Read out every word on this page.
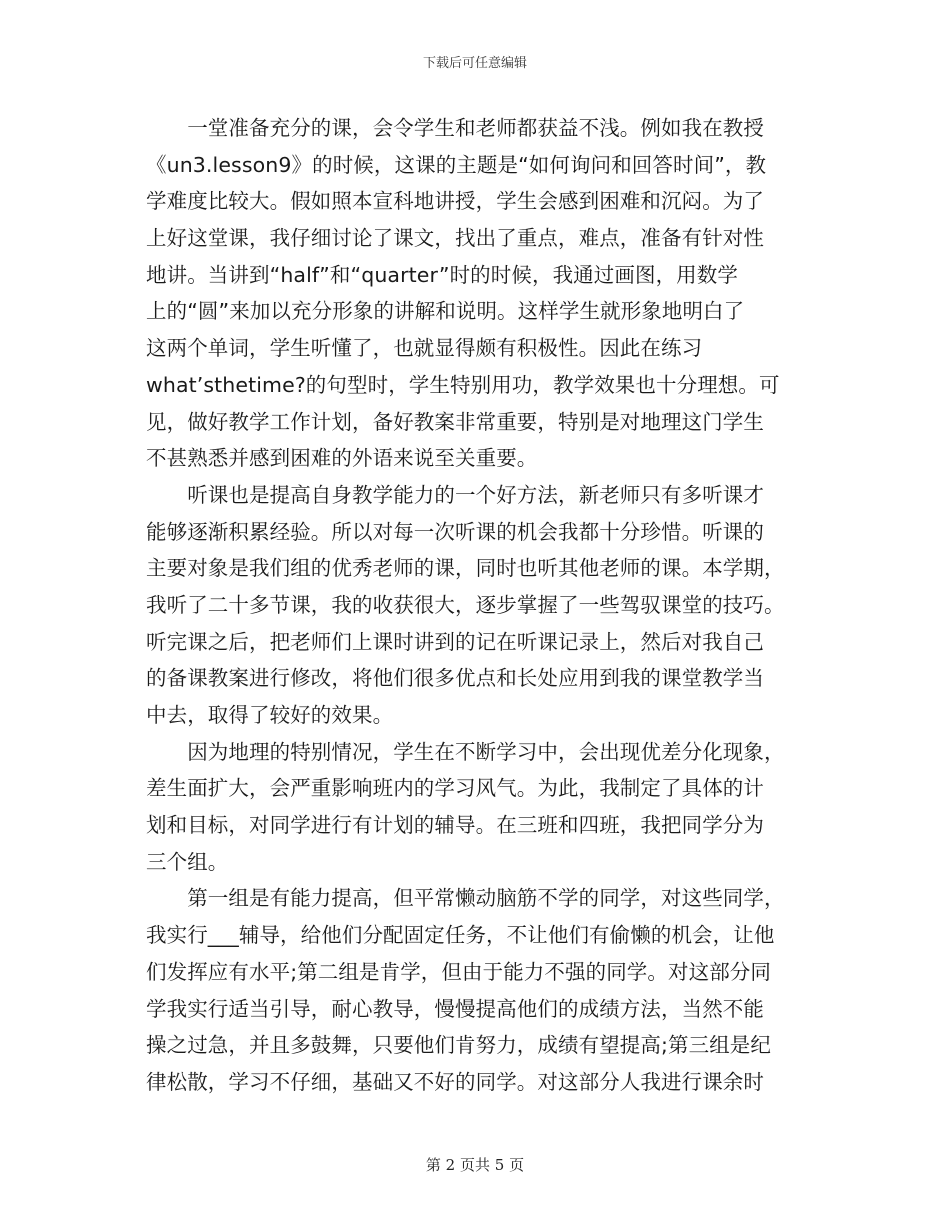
下载后可任意编辑
　　一堂准备充分的课，会令学生和老师都获益不浅。例如我在教授
《un3.lesson9》的时候，这课的主题是“如何询问和回答时间”，教
学难度比较大。假如照本宣科地讲授，学生会感到困难和沉闷。为了
上好这堂课，我仔细讨论了课文，找出了重点，难点，准备有针对性
地讲。当讲到“half”和“quarter”时的时候，我通过画图，用数学
上的“圆”来加以充分形象的讲解和说明。这样学生就形象地明白了
这两个单词，学生听懂了，也就显得颇有积极性。因此在练习
what’sthetime?的句型时，学生特别用功，教学效果也十分理想。可
见，做好教学工作计划，备好教案非常重要，特别是对地理这门学生
不甚熟悉并感到困难的外语来说至关重要。
　　听课也是提高自身教学能力的一个好方法，新老师只有多听课才
能够逐渐积累经验。所以对每一次听课的机会我都十分珍惜。听课的
主要对象是我们组的优秀老师的课，同时也听其他老师的课。本学期，
我听了二十多节课，我的收获很大，逐步掌握了一些驾驭课堂的技巧。
听完课之后，把老师们上课时讲到的记在听课记录上，然后对我自己
的备课教案进行修改，将他们很多优点和长处应用到我的课堂教学当
中去，取得了较好的效果。
　　因为地理的特别情况，学生在不断学习中，会出现优差分化现象，
差生面扩大，会严重影响班内的学习风气。为此，我制定了具体的计
划和目标，对同学进行有计划的辅导。在三班和四班，我把同学分为
三个组。
　　第一组是有能力提高，但平常懒动脑筋不学的同学，对这些同学，
我实行___辅导，给他们分配固定任务，不让他们有偷懒的机会，让他
们发挥应有水平;第二组是肯学，但由于能力不强的同学。对这部分同
学我实行适当引导，耐心教导，慢慢提高他们的成绩方法，当然不能
操之过急，并且多鼓舞，只要他们肯努力，成绩有望提高;第三组是纪
律松散，学习不仔细，基础又不好的同学。对这部分人我进行课余时
第 2 页共 5 页
